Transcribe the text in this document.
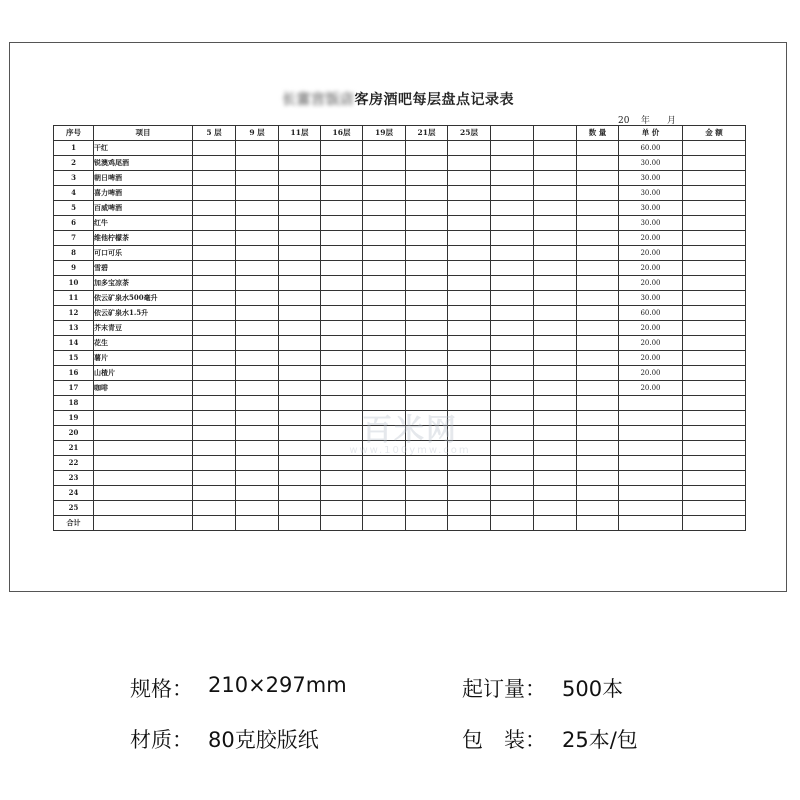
长富宫饭店客房酒吧每层盘点记录表
20    年      月
序号	项目	5 层	9 层	11层	16层	19层	21层	25层			数 量	单 价	金 额
1	干红											60.00	
2	锐澳鸡尾酒											30.00	
3	朝日啤酒											30.00	
4	喜力啤酒											30.00	
5	百威啤酒											30.00	
6	红牛											30.00	
7	维他柠檬茶											20.00	
8	可口可乐											20.00	
9	雪碧											20.00	
10	加多宝凉茶											20.00	
11	依云矿泉水500毫升											30.00	
12	依云矿泉水1.5升											60.00	
13	芥末青豆											20.00	
14	花生											20.00	
15	薯片											20.00	
16	山楂片											20.00	
17	咖啡											20.00	
18													
19													
20													
21													
22													
23													
24													
25													
合计													
百米网
www.100ymw.com
规格： 210×297mm	起订量： 500本
材质： 80克胶版纸	包　装： 25本/包
